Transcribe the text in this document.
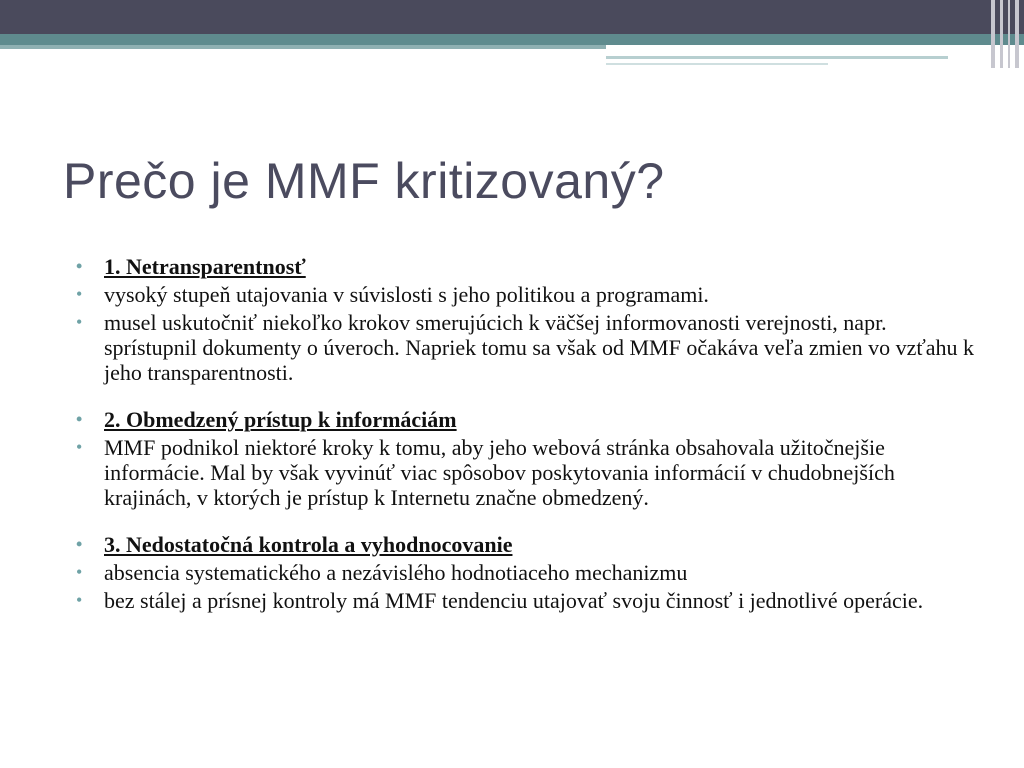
Prečo je MMF kritizovaný?
• 1. Netransparentnosť
• vysoký stupeň utajovania v súvislosti s jeho politikou a programami.
• musel uskutočniť niekoľko krokov smerujúcich k väčšej informovanosti verejnosti, napr. sprístupnil dokumenty o úveroch. Napriek tomu sa však od MMF očakáva veľa zmien vo vzťahu k jeho transparentnosti.
• 2. Obmedzený prístup k informáciám
• MMF podnikol niektoré kroky k tomu, aby jeho webová stránka obsahovala užitočnejšie informácie. Mal by však vyvinúť viac spôsobov poskytovania informácií v chudobnejších krajinách, v ktorých je prístup k Internetu značne obmedzený.
• 3. Nedostatočná kontrola a vyhodnocovanie
• absencia systematického a nezávislého hodnotiaceho mechanizmu
• bez stálej a prísnej kontroly má MMF tendenciu utajovať svoju činnosť i jednotlivé operácie.
